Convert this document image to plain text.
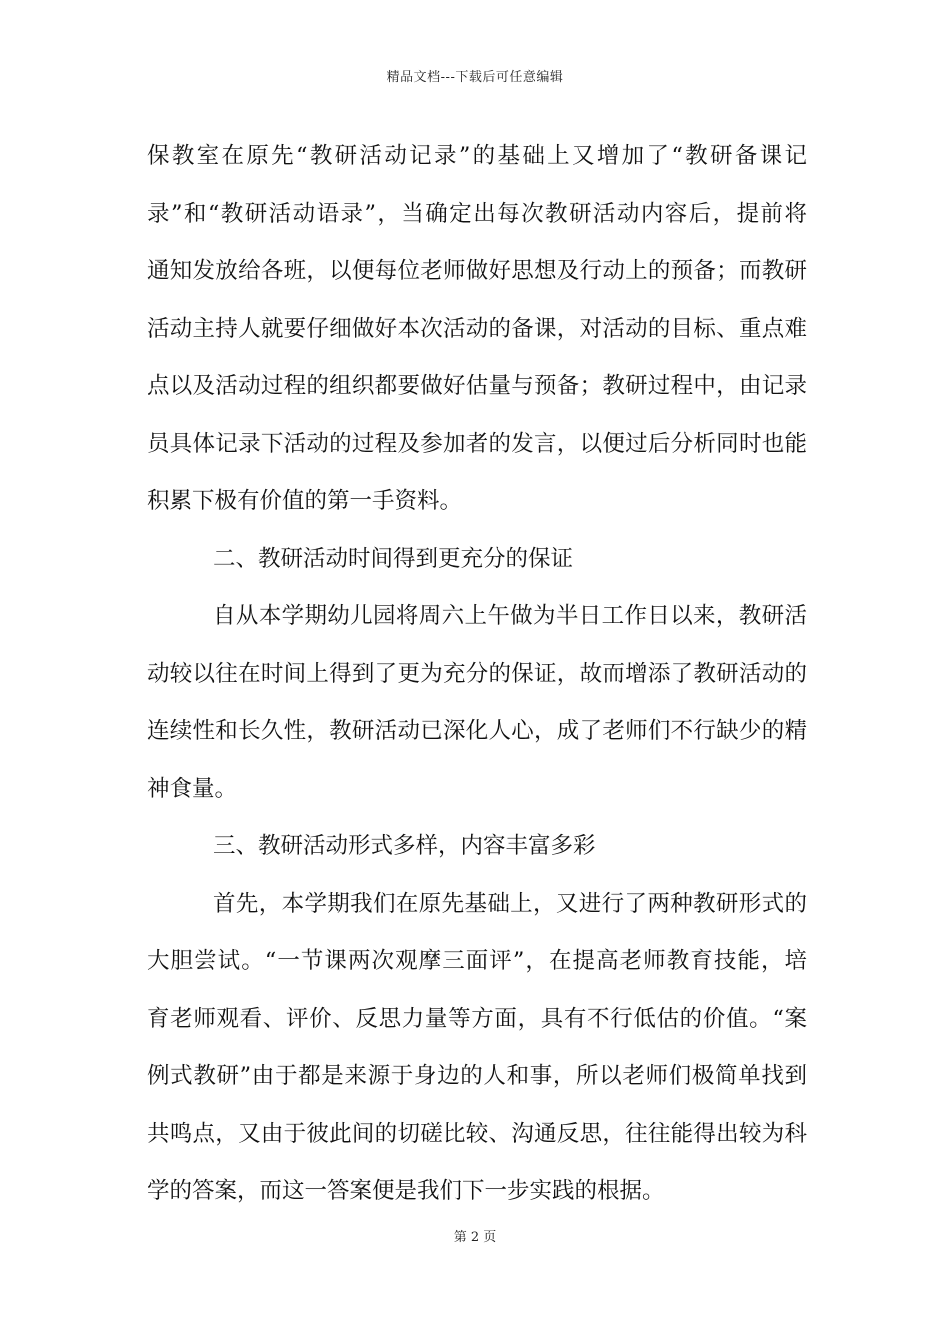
精品文档---下载后可任意编辑
保教室在原先“教研活动记录”的基础上又增加了“教研备课记
录”和“教研活动语录”，当确定出每次教研活动内容后，提前将
通知发放给各班，以便每位老师做好思想及行动上的预备；而教研
活动主持人就要仔细做好本次活动的备课，对活动的目标、重点难
点以及活动过程的组织都要做好估量与预备；教研过程中，由记录
员具体记录下活动的过程及参加者的发言，以便过后分析同时也能
积累下极有价值的第一手资料。
二、教研活动时间得到更充分的保证
自从本学期幼儿园将周六上午做为半日工作日以来，教研活
动较以往在时间上得到了更为充分的保证，故而增添了教研活动的
连续性和长久性，教研活动已深化人心，成了老师们不行缺少的精
神食量。
三、教研活动形式多样，内容丰富多彩
首先，本学期我们在原先基础上，又进行了两种教研形式的
大胆尝试。“一节课两次观摩三面评”，在提高老师教育技能，培
育老师观看、评价、反思力量等方面，具有不行低估的价值。“案
例式教研”由于都是来源于身边的人和事，所以老师们极简单找到
共鸣点，又由于彼此间的切磋比较、沟通反思，往往能得出较为科
学的答案，而这一答案便是我们下一步实践的根据。
第 2 页
